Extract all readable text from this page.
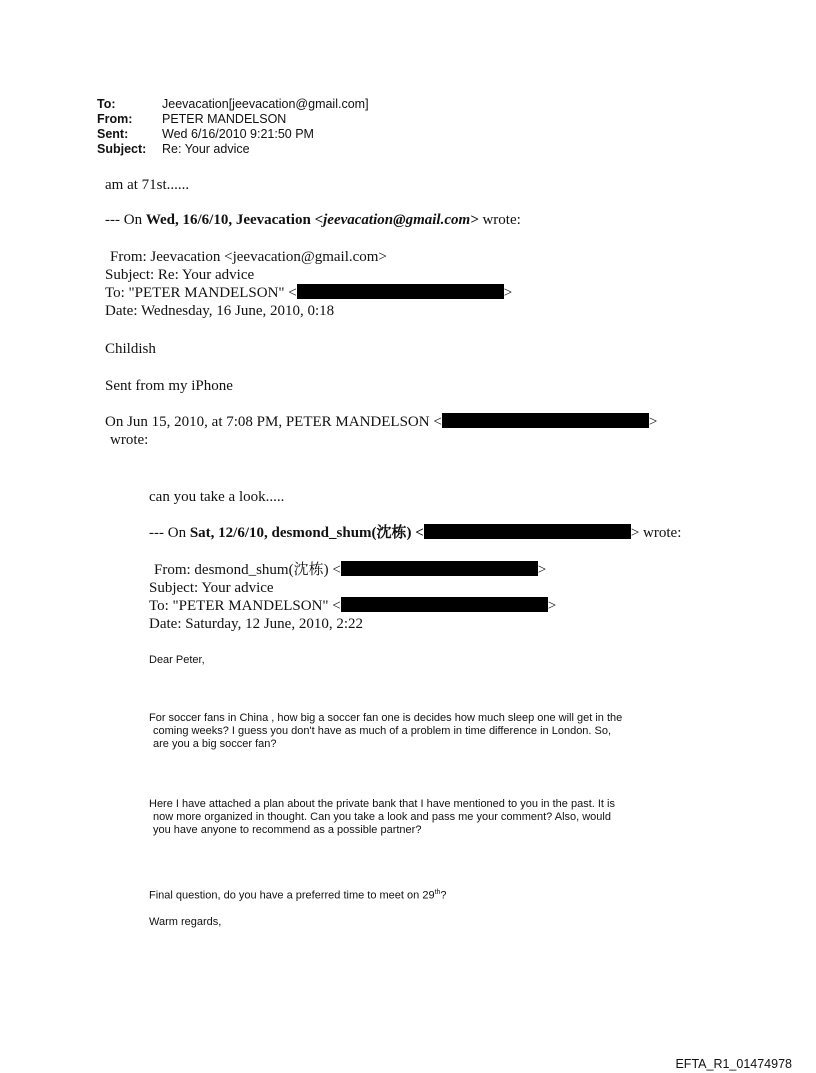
To:	Jeevacation[jeevacation@gmail.com]
From: PETER MANDELSON
Sent:	Wed 6/16/2010 9:21:50 PM
Subject: Re: Your advice
am at 71st......
--- On Wed, 16/6/10, Jeevacation <jeevacation@gmail.com> wrote:
From: Jeevacation <jeevacation@gmail.com>
Subject: Re: Your advice
To: "PETER MANDELSON" <	>
Date: Wednesday, 16 June, 2010, 0:18
Childish
Sent from my iPhone
On Jun 15, 2010, at 7:08 PM, PETER MANDELSON <	>
wrote:
can you take a look.....
--- On Sat, 12/6/10, desmond_shum(沈栋) <	> wrote:
From: desmond_shum(沈栋) <	>
Subject: Your advice
To: "PETER MANDELSON" <	>
Date: Saturday, 12 June, 2010, 2:22
Dear Peter,
For soccer fans in China , how big a soccer fan one is decides how much sleep one will get in the
coming weeks? I guess you don't have as much of a problem in time difference in London. So,
are you a big soccer fan?
Here I have attached a plan about the private bank that I have mentioned to you in the past. It is
now more organized in thought. Can you take a look and pass me your comment? Also, would
you have anyone to recommend as a possible partner?
Final question, do you have a preferred time to meet on 29th?
Warm regards,
EFTA_R1_01474978
